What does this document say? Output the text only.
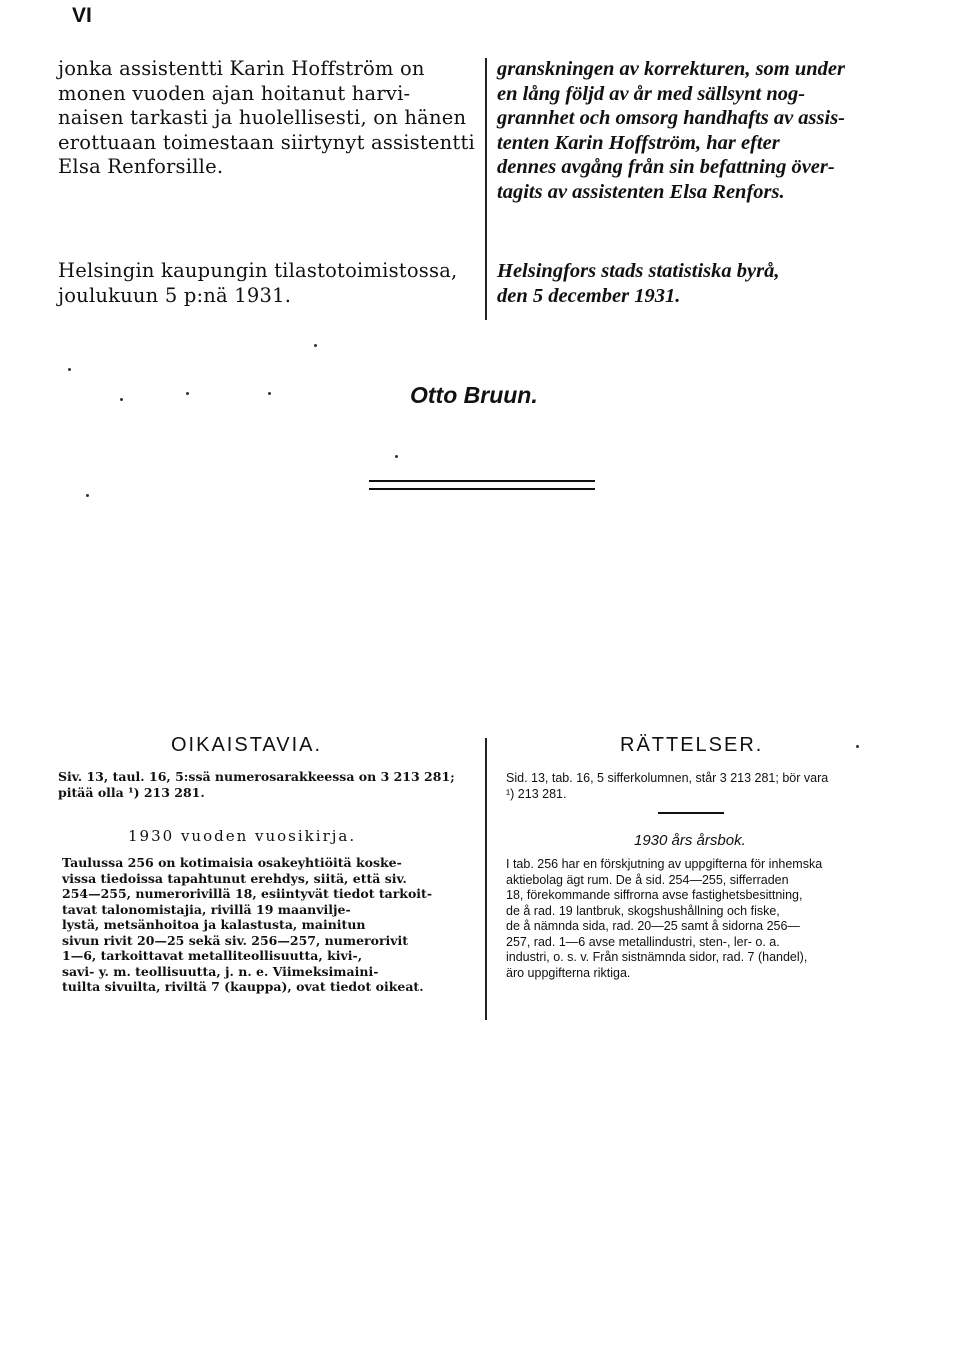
VI

jonka assistentti Karin Hoffström on

monen vuoden ajan hoitanut harvi-

naisen tarkasti ja huolellisesti, on hänen

erottuaan toimestaan siirtynyt assistentti

Elsa Renforsille.

Helsingin kaupungin tilastotoimistossa,

joulukuun 5 p:nä 1931.

granskningen av korrekturen, som under

en lång följd av år med sällsynt nog-

grannhet och omsorg handhafts av assis-

tenten Karin Hoffström, har efter

dennes avgång från sin befattning över-

tagits av assistenten Elsa Renfors.

Helsingfors stads statistiska byrå,

den 5 december 1931.

Otto Bruun.
OIKAISTAVIA.	RÄTTELSER.

Siv. 13, taul. 16, 5:ssä numerosarakkeessa on 3 213 281;

pitää olla ¹) 213 281.

1930 vuoden vuosikirja.

Taulussa 256 on kotimaisia osakeyhtiöitä koske-

vissa tiedoissa tapahtunut erehdys, siitä, että siv.

254—255, numerorivillä 18, esiintyvät tiedot tarkoit-

tavat talonomistajia, rivillä 19 maanvilje-

lystä, metsänhoitoa ja kalastusta, mainitun

sivun rivit 20—25 sekä siv. 256—257, numerorivit

1—6, tarkoittavat metalliteollisuutta, kivi-,

savi- y. m. teollisuutta, j. n. e. Viimeksimaini-

tuilta sivuilta, riviltä 7 (kauppa), ovat tiedot oikeat.

Sid. 13, tab. 16, 5 sifferkolumnen, står 3 213 281; bör vara

¹) 213 281.

1930 års årsbok.

I tab. 256 har en förskjutning av uppgifterna för inhemska

aktiebolag ägt rum. De å sid. 254—255, sifferraden

18, förekommande siffrorna avse fastighetsbesittning,

de å rad. 19 lantbruk, skogshushållning och fiske,

de å nämnda sida, rad. 20—25 samt å sidorna 256—

257, rad. 1—6 avse metallindustri, sten-, ler- o. a.

industri, o. s. v. Från sistnämnda sidor, rad. 7 (handel),

äro uppgifterna riktiga.
